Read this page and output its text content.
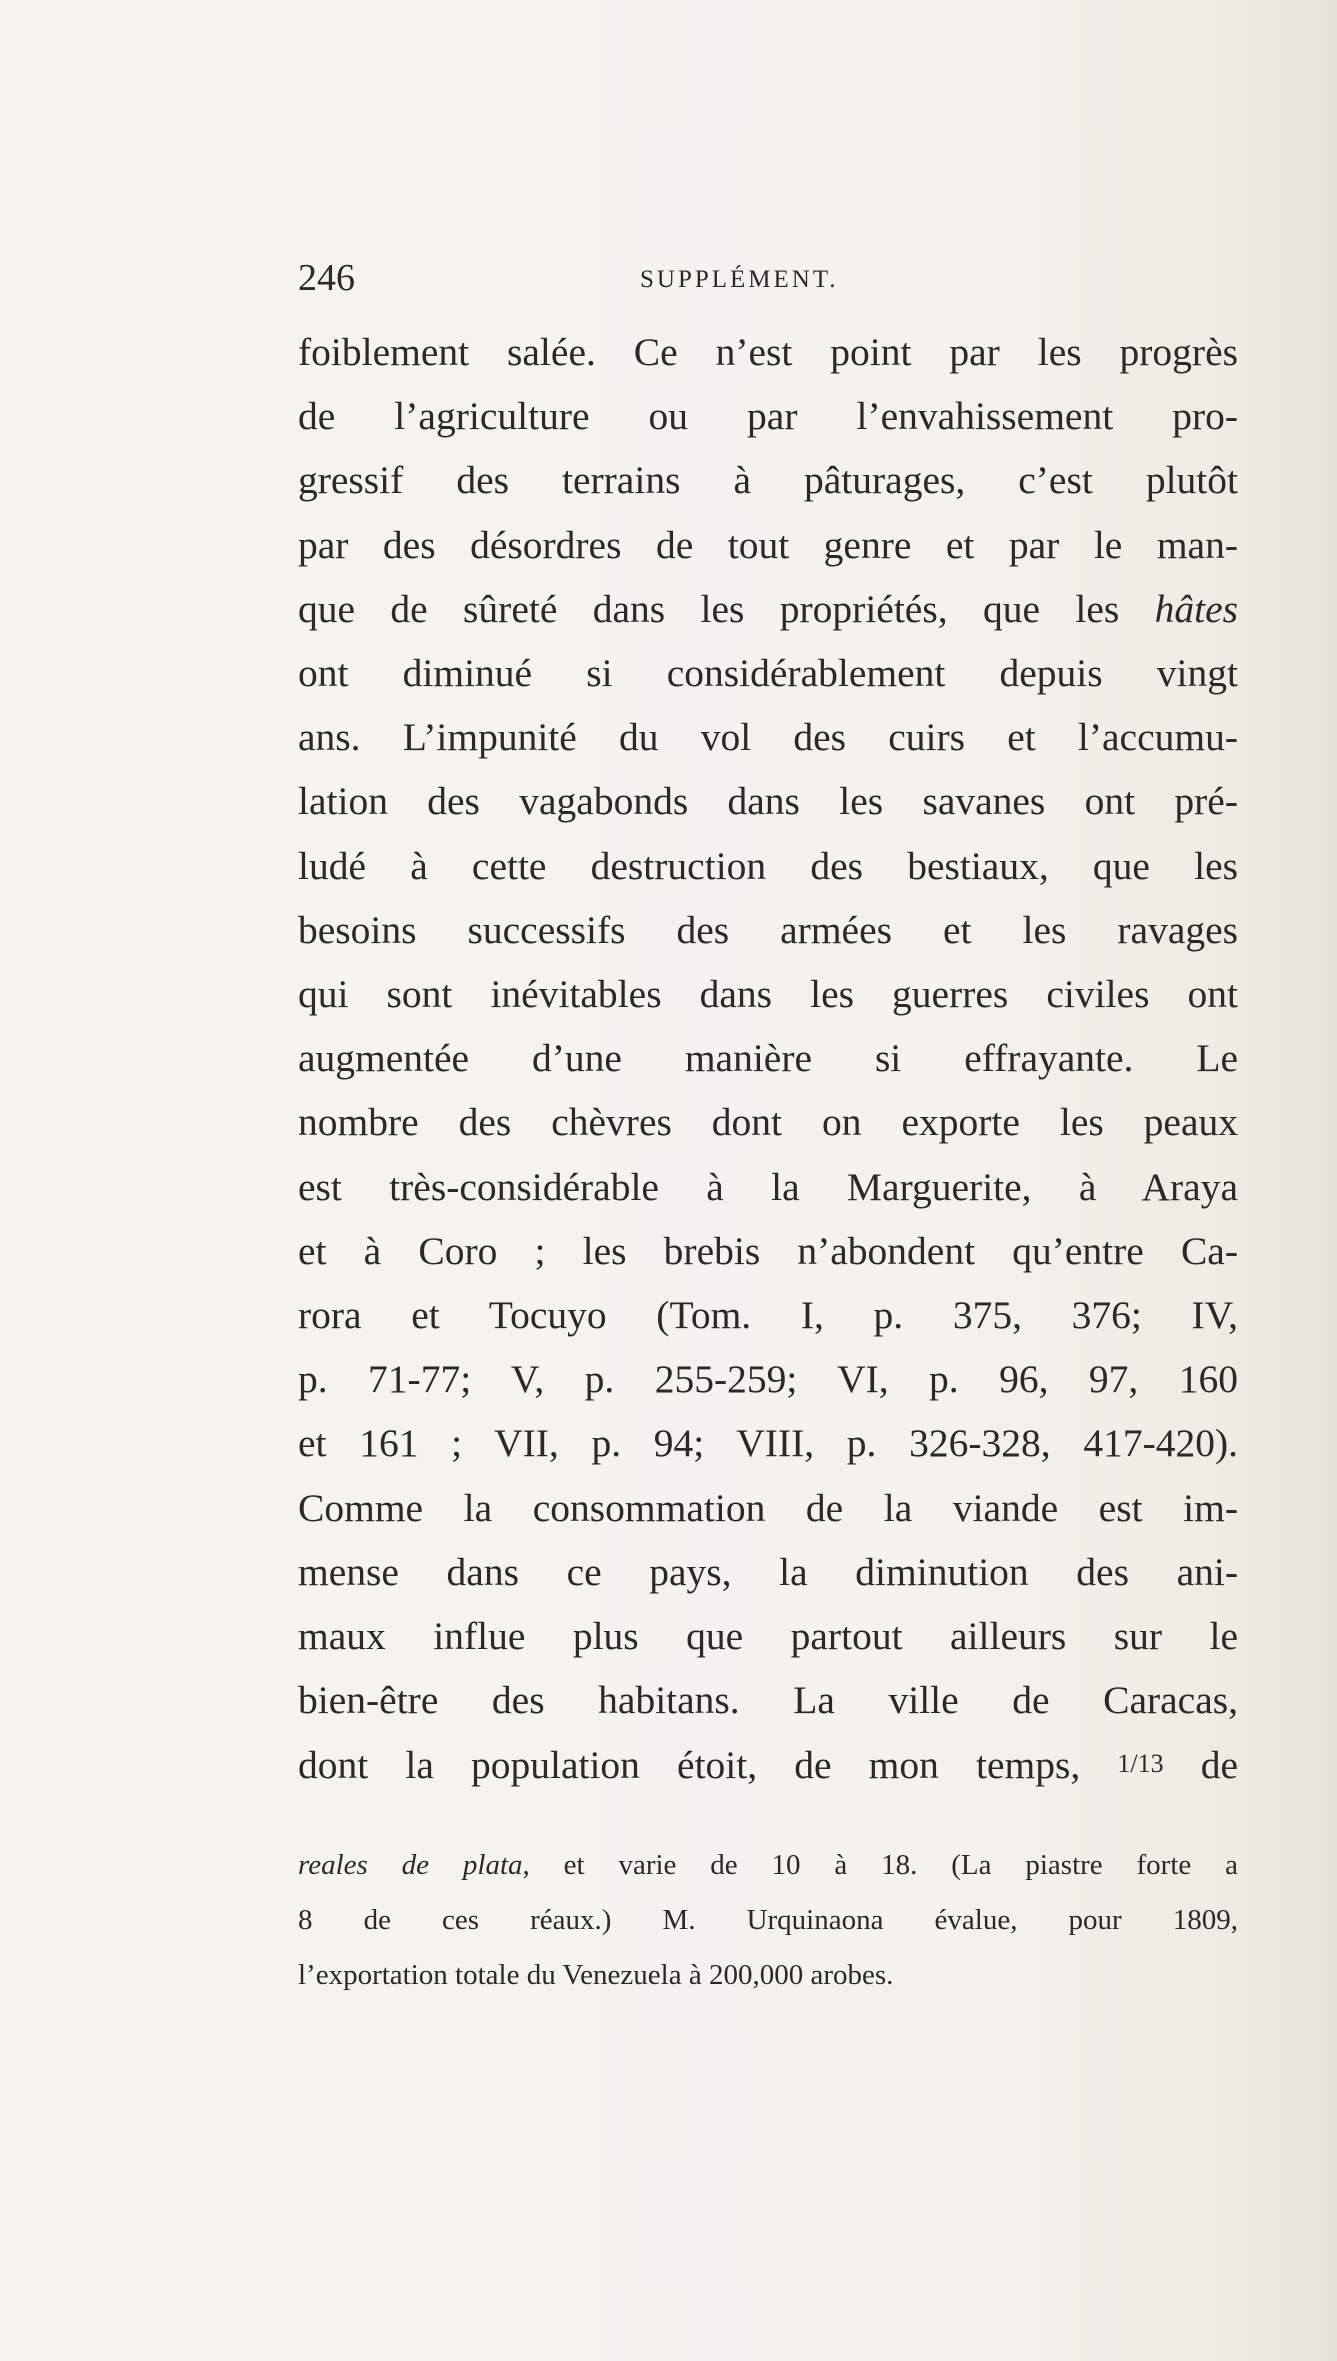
246	SUPPLÉMENT.
foiblement salée. Ce n’est point par les progrès
de l’agriculture ou par l’envahissement pro-
gressif des terrains à pâturages, c’est plutôt
par des désordres de tout genre et par le man-
que de sûreté dans les propriétés, que les hâtes
ont diminué si considérablement depuis vingt
ans. L’impunité du vol des cuirs et l’accumu-
lation des vagabonds dans les savanes ont pré-
ludé à cette destruction des bestiaux, que les
besoins successifs des armées et les ravages
qui sont inévitables dans les guerres civiles ont
augmentée d’une manière si effrayante. Le
nombre des chèvres dont on exporte les peaux
est très-considérable à la Marguerite, à Araya
et à Coro ; les brebis n’abondent qu’entre Ca-
rora et Tocuyo (Tom. I, p. 375, 376; IV,
p. 71-77; V, p. 255-259; VI, p. 96, 97, 160
et 161 ; VII, p. 94; VIII, p. 326-328, 417-420).
Comme la consommation de la viande est im-
mense dans ce pays, la diminution des ani-
maux influe plus que partout ailleurs sur le
bien-être des habitans. La ville de Caracas,
dont la population étoit, de mon temps, 1/13 de
reales de plata, et varie de 10 à 18. (La piastre forte a
8 de ces réaux.) M. Urquinaona évalue, pour 1809,
l’exportation totale du Venezuela à 200,000 arobes.
